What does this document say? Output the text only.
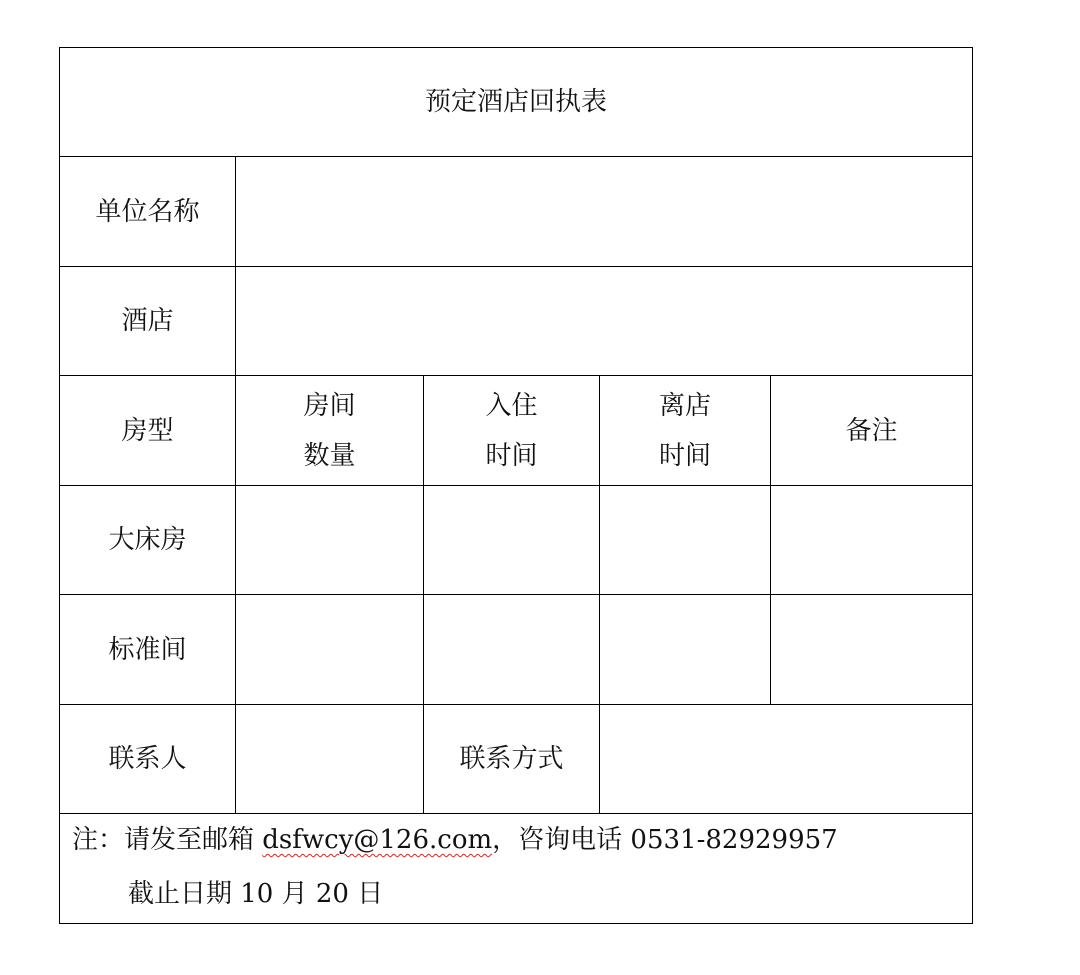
预定酒店回执表
单位名称
酒店
房型
房间
数量
入住
时间
离店
时间
备注
大床房
标准间
联系人	联系方式
注：请发至邮箱 dsfwcy@126.com，咨询电话 0531-82929957
截止日期 10 月 20 日
